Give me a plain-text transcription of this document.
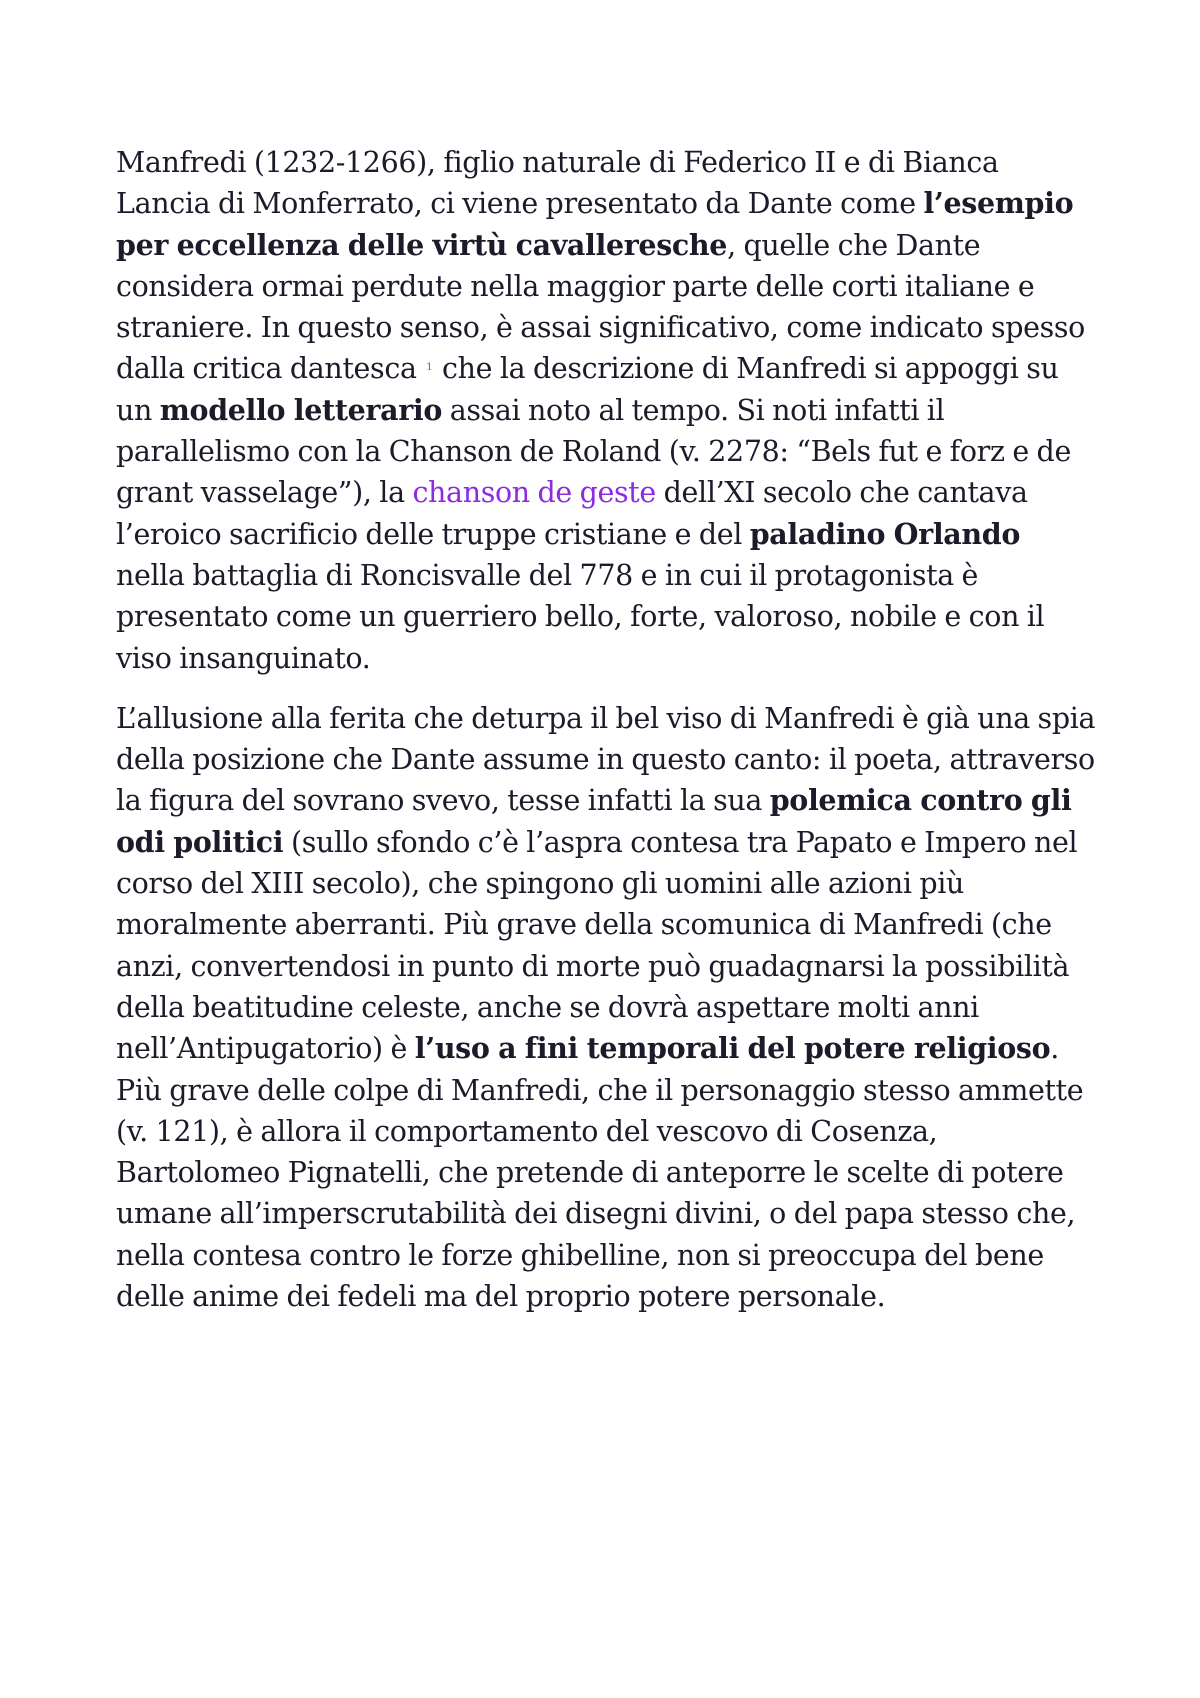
Manfredi (1232-1266), figlio naturale di Federico II e di Bianca Lancia di Monferrato, ci viene presentato da Dante come l’esempio per eccellenza delle virtù cavalleresche, quelle che Dante considera ormai perdute nella maggior parte delle corti italiane e straniere. In questo senso, è assai significativo, come indicato spesso dalla critica dantesca $^1$ che la descrizione di Manfredi si appoggi su un modello letterario assai noto al tempo. Si noti infatti il parallelismo con la Chanson de Roland (v. 2278: “Bels fut e forz e de grant vasselage”), la chanson de geste dell’XI secolo che cantava l’eroico sacrificio delle truppe cristiane e del paladino Orlando nella battaglia di Roncisvalle del 778 e in cui il protagonista è presentato come un guerriero bello, forte, valoroso, nobile e con il viso insanguinato.

L’allusione alla ferita che deturpa il bel viso di Manfredi è già una spia della posizione che Dante assume in questo canto: il poeta, attraverso la figura del sovrano svevo, tesse infatti la sua polemica contro gli odi politici (sullo sfondo c’è l’aspra contesa tra Papato e Impero nel corso del XIII secolo), che spingono gli uomini alle azioni più moralmente aberranti. Più grave della scomunica di Manfredi (che anzi, convertendosi in punto di morte può guadagnarsi la possibilità della beatitudine celeste, anche se dovrà aspettare molti anni nell’Antipugatorio) è l’uso a fini temporali del potere religioso. Più grave delle colpe di Manfredi, che il personaggio stesso ammette (v. 121), è allora il comportamento del vescovo di Cosenza, Bartolomeo Pignatelli, che pretende di anteporre le scelte di potere umane all’imperscrutabilità dei disegni divini, o del papa stesso che, nella contesa contro le forze ghibelline, non si preoccupa del bene delle anime dei fedeli ma del proprio potere personale.
